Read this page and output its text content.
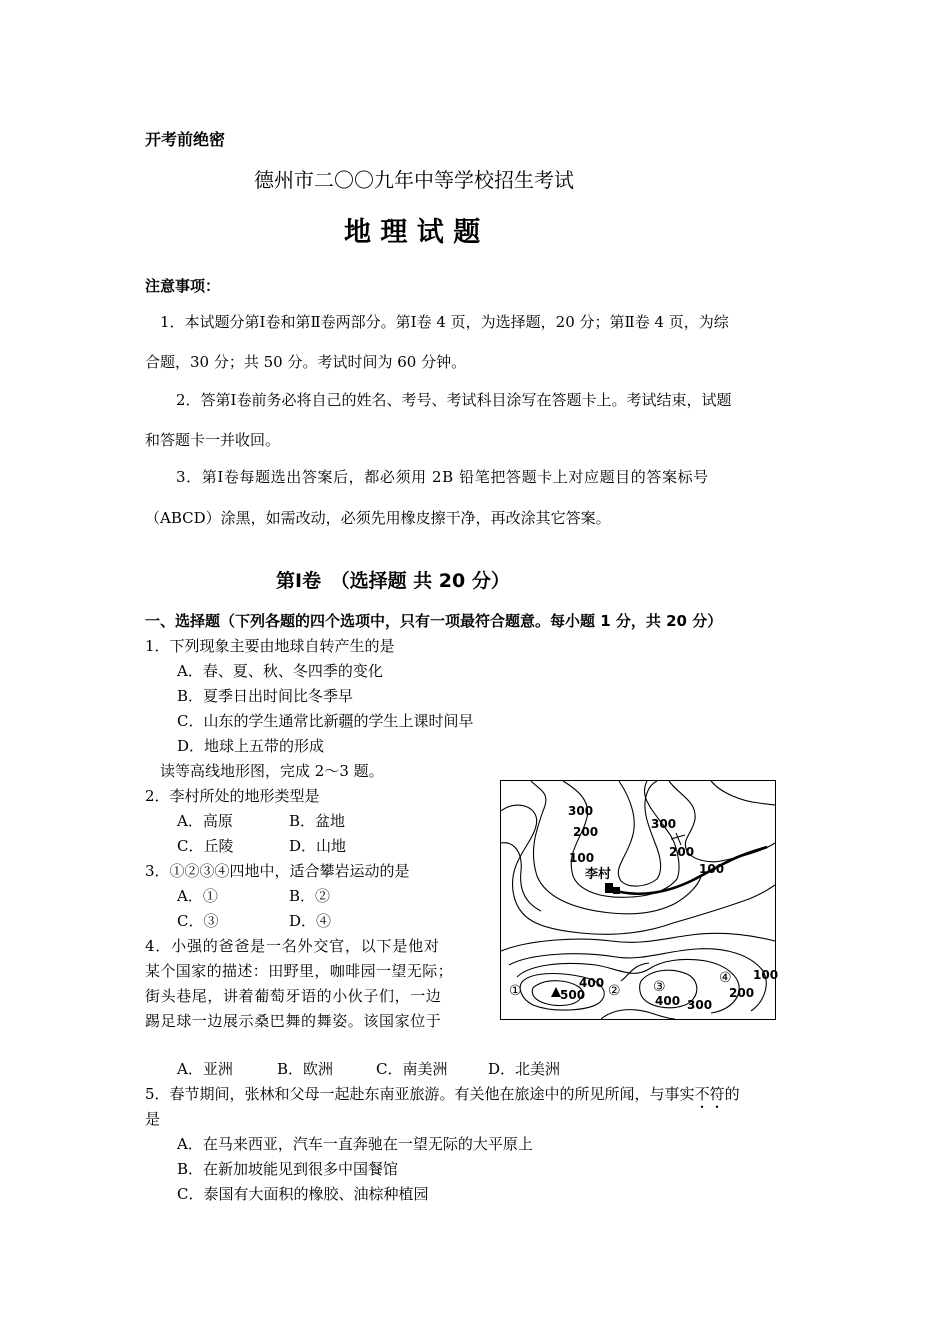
开考前绝密
德州市二〇〇九年中等学校招生考试
地 理 试 题
注意事项：
1．本试题分第Ⅰ卷和第Ⅱ卷两部分。第Ⅰ卷 4 页，为选择题，20 分；第Ⅱ卷 4 页，为综
合题，30 分；共 50 分。考试时间为 60 分钟。
2．答第Ⅰ卷前务必将自己的姓名、考号、考试科目涂写在答题卡上。考试结束，试题
和答题卡一并收回。
3．第Ⅰ卷每题选出答案后，都必须用 2B 铅笔把答题卡上对应题目的答案标号
（ABCD）涂黑，如需改动，必须先用橡皮擦干净，再改涂其它答案。
第Ⅰ卷　（选择题 共 20 分）
一、选择题（下列各题的四个选项中，只有一项最符合题意。每小题 1 分，共 20 分）
1．下列现象主要由地球自转产生的是
A．春、夏、秋、冬四季的变化
B．夏季日出时间比冬季早
C．山东的学生通常比新疆的学生上课时间早
D．地球上五带的形成
读等高线地形图，完成 2～3 题。
2．李村所处的地形类型是
A．高原	B．盆地
C．丘陵	D．山地
3．①②③④四地中，适合攀岩运动的是
A．①	B．②
C．③	D．④
4．小强的爸爸是一名外交官，以下是他对
某个国家的描述：田野里，咖啡园一望无际；
街头巷尾，讲着葡萄牙语的小伙子们，一边
踢足球一边展示桑巴舞的舞姿。该国家位于
A．亚洲	B．欧洲	C．南美洲	D．北美洲
5．春节期间，张林和父母一起赴东南亚旅游。有关他在旅途中的所见所闻，与事实不符的
是
A．在马来西亚，汽车一直奔驰在一望无际的大平原上
B．在新加坡能见到很多中国餐馆
C．泰国有大面积的橡胶、油棕种植园
300
200
100
300
200
100
李村
①	500
400 ② ③
400 300
④
200
100
